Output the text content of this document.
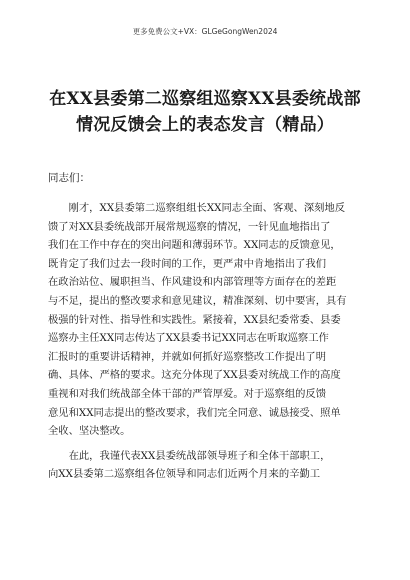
更多免费公文+VX：GLGeGongWen2024
在XX县委第二巡察组巡察XX县委统战部
情况反馈会上的表态发言（精品）
同志们：
　　刚才，XX县委第二巡察组组长XX同志全面、客观、深刻地反
馈了对XX县委统战部开展常规巡察的情况，一针见血地指出了
我们在工作中存在的突出问题和薄弱环节。XX同志的反馈意见，
既肯定了我们过去一段时间的工作，更严肃中肯地指出了我们
在政治站位、履职担当、作风建设和内部管理等方面存在的差距
与不足，提出的整改要求和意见建议，精准深刻、切中要害，具有
极强的针对性、指导性和实践性。紧接着，XX县纪委常委、县委
巡察办主任XX同志传达了XX县委书记XX同志在听取巡察工作
汇报时的重要讲话精神，并就如何抓好巡察整改工作提出了明
确、具体、严格的要求。这充分体现了XX县委对统战工作的高度
重视和对我们统战部全体干部的严管厚爱。对于巡察组的反馈
意见和XX同志提出的整改要求，我们完全同意、诚恳接受、照单
全收、坚决整改。
　　在此，我谨代表XX县委统战部领导班子和全体干部职工，
向XX县委第二巡察组各位领导和同志们近两个月来的辛勤工
